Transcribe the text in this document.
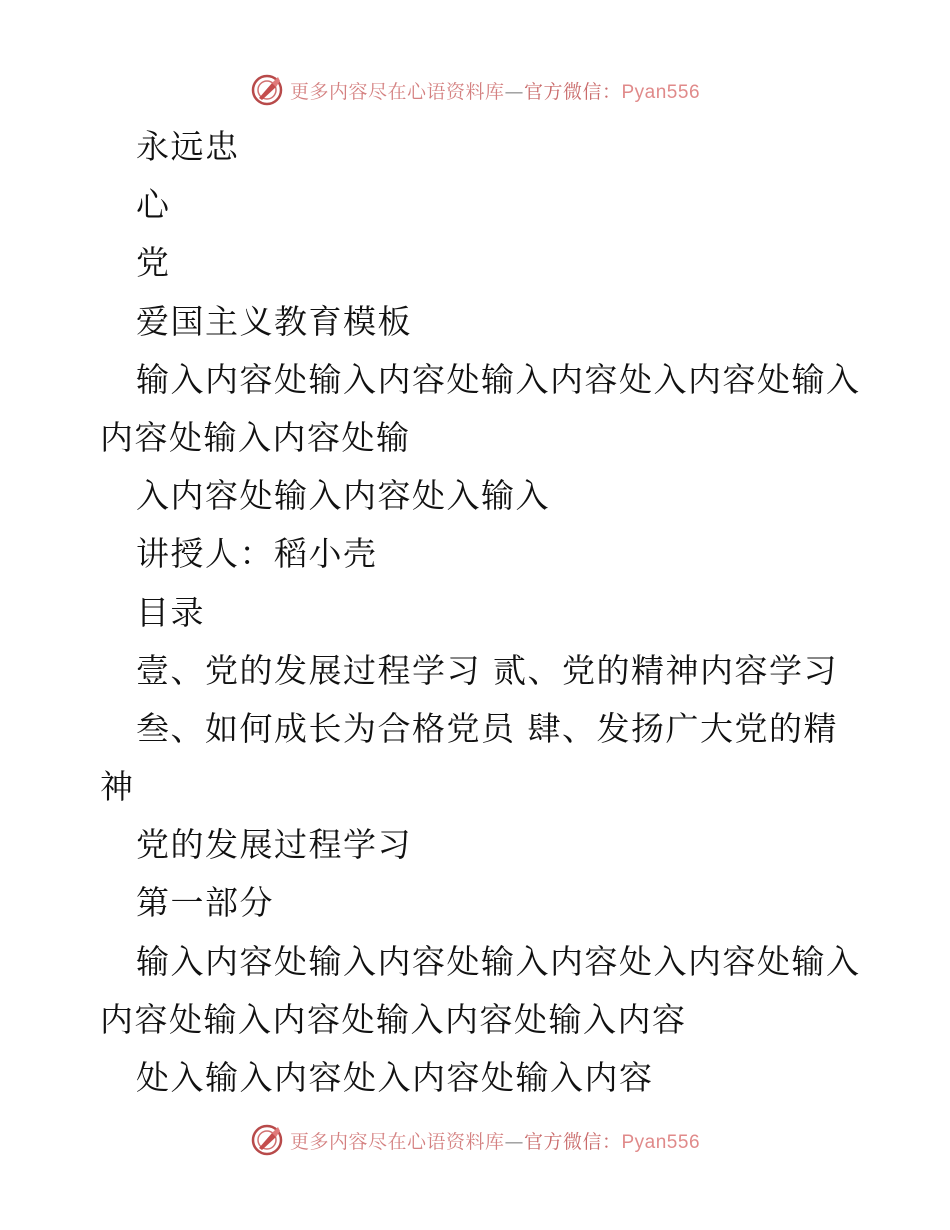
更多内容尽在心语资料库—官方微信：Pyan556
永远忠
心
党
爱国主义教育模板
输入内容处输入内容处输入内容处入内容处输入
内容处输入内容处输
入内容处输入内容处入输入
讲授人：稻小壳
目录
壹、党的发展过程学习 贰、党的精神内容学习
叁、如何成长为合格党员 肆、发扬广大党的精
神
党的发展过程学习
第一部分
输入内容处输入内容处输入内容处入内容处输入
内容处输入内容处输入内容处输入内容
处入输入内容处入内容处输入内容
更多内容尽在心语资料库—官方微信：Pyan556
